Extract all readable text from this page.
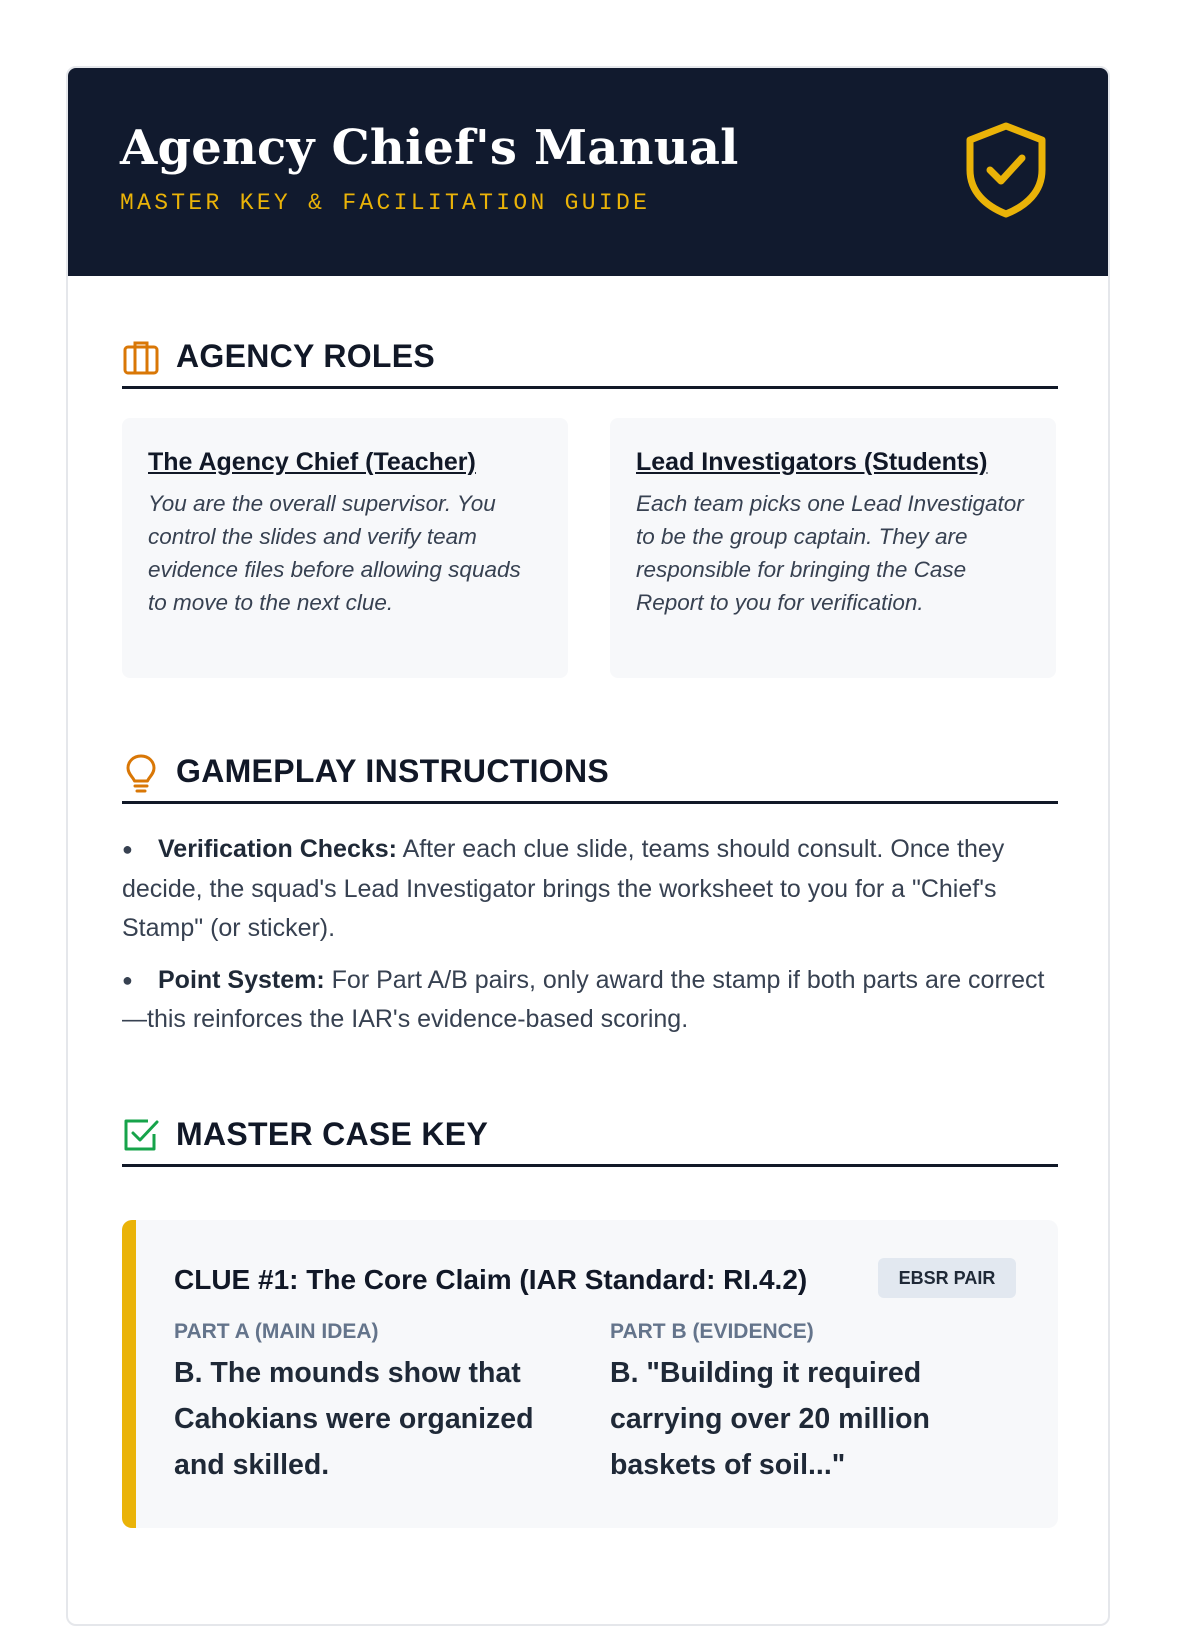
Agency Chief's Manual
MASTER KEY & FACILITATION GUIDE
AGENCY ROLES
The Agency Chief (Teacher)
You are the overall supervisor. You control the slides and verify team evidence files before allowing squads to move to the next clue.
Lead Investigators (Students)
Each team picks one Lead Investigator to be the group captain. They are responsible for bringing the Case Report to you for verification.
GAMEPLAY INSTRUCTIONS
● Verification Checks: After each clue slide, teams should consult. Once they decide, the squad's Lead Investigator brings the worksheet to you for a "Chief's Stamp" (or sticker).
● Point System: For Part A/B pairs, only award the stamp if both parts are correct—this reinforces the IAR's evidence-based scoring.
MASTER CASE KEY
CLUE #1: The Core Claim (IAR Standard: RI.4.2)	EBSR PAIR
PART A (MAIN IDEA)
B. The mounds show that Cahokians were organized and skilled.
PART B (EVIDENCE)
B. "Building it required carrying over 20 million baskets of soil..."
